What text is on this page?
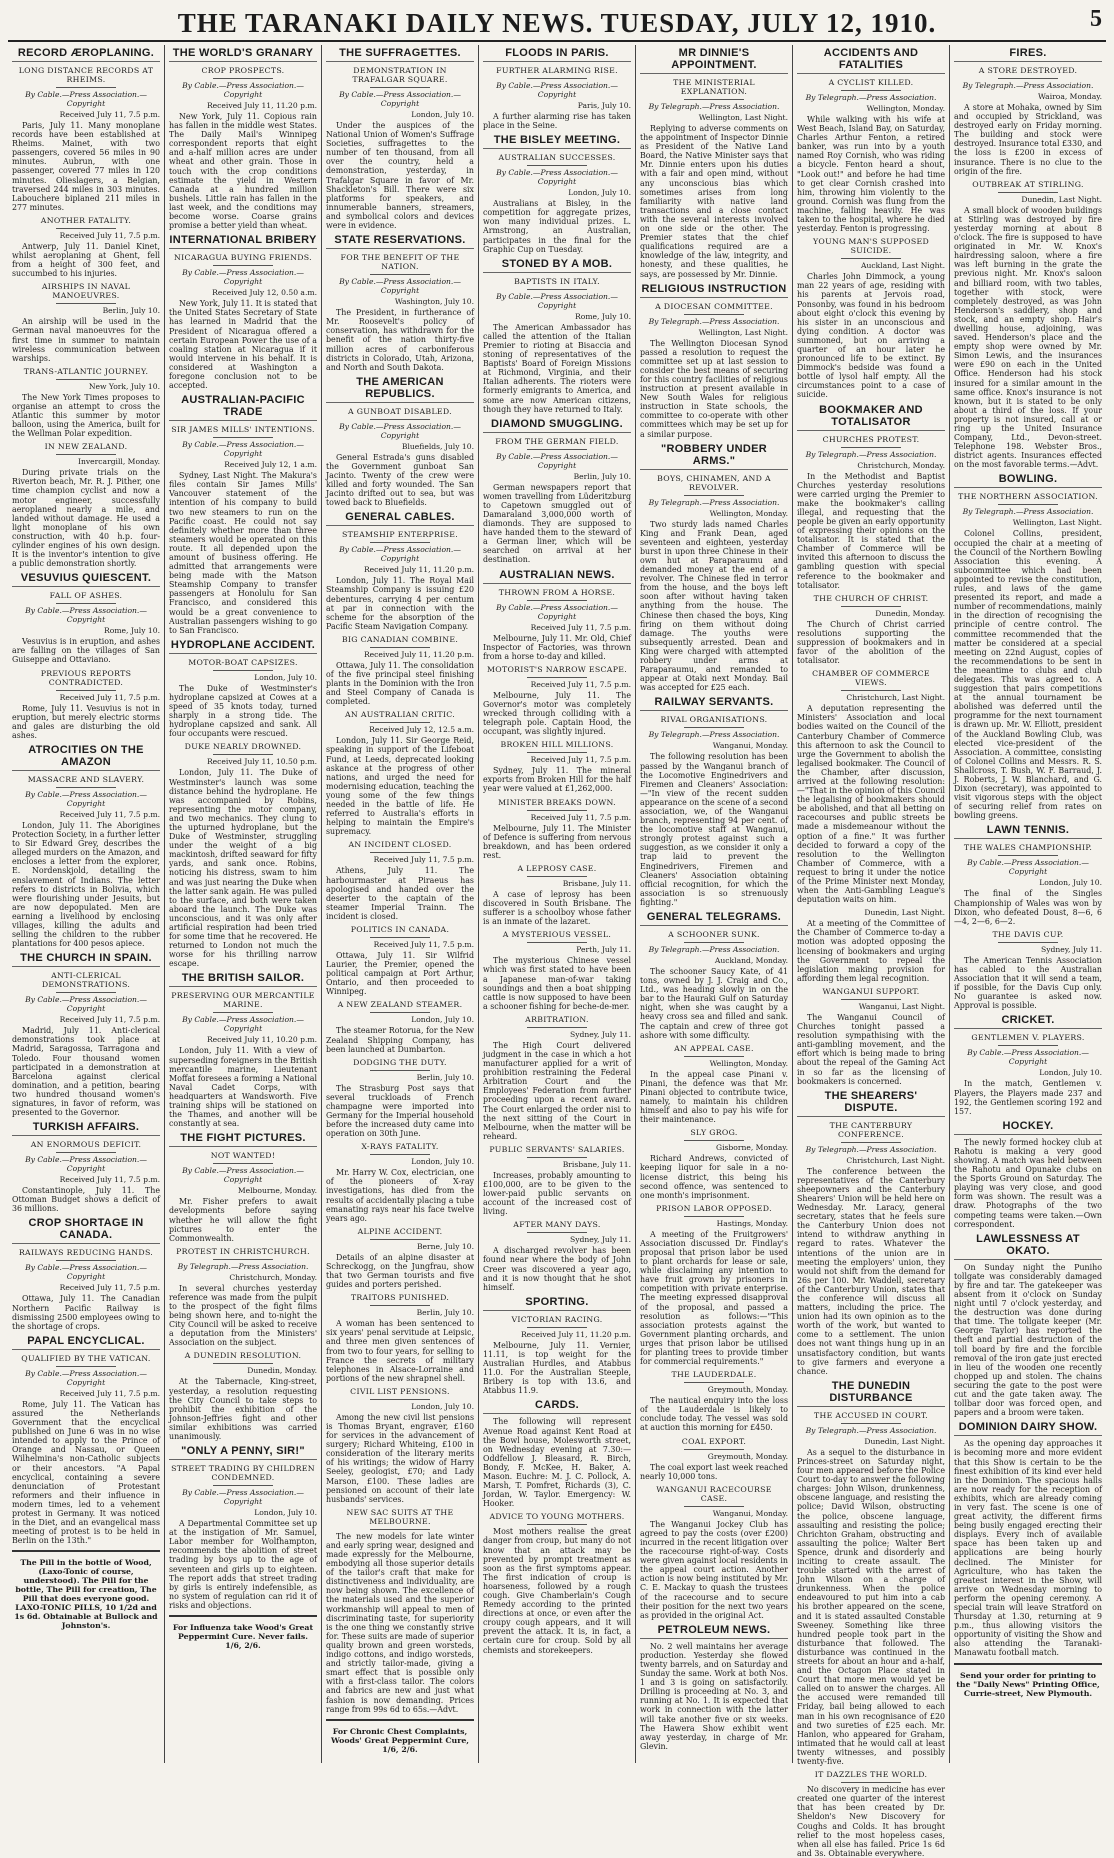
THE TARANAKI DAILY NEWS. TUESDAY, JULY 12, 1910.	5
RECORD ÆROPLANING.
LONG DISTANCE RECORDS AT RHEIMS.
By Cable.—Press Association.—Copyright
Received July 11, 7.5 p.m.
Paris, July 11. Many monoplane records have been established at Rheims. Mainet, with two passengers, covered 56 miles in 90 minutes. Aubrun, with one passenger, covered 77 miles in 120 minutes. Olieslagers, a Belgian, traversed 244 miles in 303 minutes. Labouchere biplaned 211 miles in 277 minutes.
ANOTHER FATALITY.
Received July 11, 7.5 p.m.
Antwerp, July 11. Daniel Kinet, whilst aeroplaning at Ghent, fell from a height of 300 feet, and succumbed to his injuries.
AIRSHIPS IN NAVAL MANOEUVRES.
Berlin, July 10.
An airship will be used in the German naval manoeuvres for the first time in summer to maintain wireless communication between warships.
TRANS-ATLANTIC JOURNEY.
New York, July 10.
The New York Times proposes to organise an attempt to cross the Atlantic this summer by motor balloon, using the America, built for the Wellman Polar expedition.
IN NEW ZEALAND.
Invercargill, Monday.
During private trials on the Riverton beach, Mr. R. J. Pither, one time champion cyclist and now a motor engineer, successfully aeroplaned nearly a mile, and landed without damage. He used a light monoplane of his own construction, with 40 h.p. four-cylinder engines of his own design. It is the inventor's intention to give a public demonstration shortly.
VESUVIUS QUIESCENT.
FALL OF ASHES.
By Cable.—Press Association.—Copyright
Rome, July 10.
Vesuvius is in eruption, and ashes are falling on the villages of San Guiseppe and Ottaviano.
PREVIOUS REPORTS CONTRADICTED.
Received July 11, 7.5 p.m.
Rome, July 11. Vesuvius is not in eruption, but merely electric storms and gales are disturbing the old ashes.
ATROCITIES ON THE AMAZON
MASSACRE AND SLAVERY.
By Cable.—Press Association.—Copyright
Received July 11, 7.5 p.m.
London, July 11. The Aborigines Protection Society, in a further letter to Sir Edward Grey, describes the alleged murders on the Amazon, and encloses a letter from the explorer, E. Nordenskjold, detailing the enslavement of Indians. The letter refers to districts in Bolivia, which were flourishing under Jesuits, but are now depopulated. Men are earning a livelihood by enclosing villages, killing the adults and selling the children to the rubber plantations for 400 pesos apiece.
THE CHURCH IN SPAIN.
ANTI-CLERICAL DEMONSTRATIONS.
By Cable.—Press Association.—Copyright
Received July 11, 7.5 p.m.
Madrid, July 11. Anti-clerical demonstrations took place at Madrid, Saragossa, Tarragona and Toledo. Four thousand women participated in a demonstration at Barcelona against clerical domination, and a petition, bearing two hundred thousand women's signatures, in favor of reform, was presented to the Governor.
TURKISH AFFAIRS.
AN ENORMOUS DEFICIT.
By Cable.—Press Association.—Copyright
Received July 11, 7.5 p.m.
Constantinople, July 11. The Ottoman Budget shows a deficit of 36 millions.
CROP SHORTAGE IN CANADA.
RAILWAYS REDUCING HANDS.
By Cable.—Press Association.—Copyright
Received July 11, 7.5 p.m.
Ottawa, July 11. The Canadian Northern Pacific Railway is dismissing 2500 employees owing to the shortage of crops.
PAPAL ENCYCLICAL.
QUALIFIED BY THE VATICAN.
By Cable.—Press Association.—Copyright
Received July 11, 7.5 p.m.
Rome, July 11. The Vatican has assured the Netherlands Government that the encyclical published on June 6 was in no wise intended to apply to the Prince of Orange and Nassau, or Queen Wilhelmina's non-Catholic subjects or their ancestors. "A Papal encyclical, containing a severe denunciation of Protestant reformers and their influence in modern times, led to a vehement protest in Germany. It was noticed in the Diet, and an evangelical mass meeting of protest is to be held in Berlin on the 13th."
The Pill in the bottle of Wood, (Laxo-Tonic of course, understood). The Pill for the bottle, The Pill for creation, The Pill that does everyone good. LAXO-TONIC PILLS, 10 1/2d and 1s 6d. Obtainable at Bullock and Johnston's.
THE WORLD'S GRANARY
CROP PROSPECTS.
By Cable.—Press Association.—Copyright
Received July 11, 11.20 p.m.
New York, July 11. Copious rain has fallen in the middle west States. The Daily Mail's Winnipeg correspondent reports that eight and a-half million acres are under wheat and other grain. Those in touch with the crop conditions estimate the yield in Western Canada at a hundred million bushels. Little rain has fallen in the last week, and the conditions may become worse. Coarse grains promise a better yield than wheat.
INTERNATIONAL BRIBERY
NICARAGUA BUYING FRIENDS.
By Cable.—Press Association.—Copyright
Received July 12, 0.50 a.m.
New York, July 11. It is stated that the United States Secretary of State has learned in Madrid that the President of Nicaragua offered a certain European Power the use of a coaling station at Nicaragua if it would intervene in his behalf. It is considered at Washington a foregone conclusion not to be accepted.
AUSTRALIAN-PACIFIC TRADE
SIR JAMES MILLS' INTENTIONS.
By Cable.—Press Association.—Copyright
Received July 12, 1 a.m.
Sydney, Last Night. The Makura's files contain Sir James Mills' Vancouver statement of the intention of his company to build two new steamers to run on the Pacific coast. He could not say definitely whether more than three steamers would be operated on this route. It all depended upon the amount of business offering. He admitted that arrangements were being made with the Matson Steamship Company to transfer passengers at Honolulu for San Francisco, and considered this would be a great convenience to Australian passengers wishing to go to San Francisco.
HYDROPLANE ACCIDENT.
MOTOR-BOAT CAPSIZES.
London, July 10.
The Duke of Westminster's hydroplane capsized at Cowes at a speed of 35 knots today, turned sharply in a strong tide. The hydroplane capsized and sank. All four occupants were rescued.
DUKE NEARLY DROWNED.
Received July 11, 10.50 p.m.
London, July 11. The Duke of Westminster's launch was some distance behind the hydroplane. He was accompanied by Robins, representing the motor company, and two mechanics. They clung to the upturned hydroplane, but the Duke of Westminster, struggling under the weight of a big mackintosh, drifted seaward for fifty yards, and sank once. Robins, noticing his distress, swam to him and was just nearing the Duke when the latter sank again. He was pulled to the surface, and both were taken aboard the launch. The Duke was unconscious, and it was only after artificial respiration had been tried for some time that he recovered. He returned to London not much the worse for his thrilling narrow escape.
THE BRITISH SAILOR.
PRESERVING OUR MERCANTILE MARINE.
By Cable.—Press Association.—Copyright
Received July 11, 10.20 p.m.
London, July 11. With a view of superseding foreigners in the British mercantile marine, Lieutenant Moffat foresees a forming a National Naval Cadet Corps, with headquarters at Wandsworth. Five training ships will be stationed on the Thames, and another will be constantly at sea.
THE FIGHT PICTURES.
NOT WANTED!
By Cable.—Press Association.—Copyright
Melbourne, Monday.
Mr. Fisher prefers to await developments before saying whether he will allow the fight pictures to enter the Commonwealth.
PROTEST IN CHRISTCHURCH.
By Telegraph.—Press Association.
Christchurch, Monday.
In several churches yesterday reference was made from the pulpit to the prospect of the fight films being shown here, and to-night the City Council will be asked to receive a deputation from the Ministers' Association on the subject.
A DUNEDIN RESOLUTION.
Dunedin, Monday.
At the Tabernacle, King-street, yesterday, a resolution requesting the City Council to take steps to prohibit the exhibition of the Johnson-Jeffries fight and other similar exhibitions was carried unanimously.
"ONLY A PENNY, SIR!"
STREET TRADING BY CHILDREN CONDEMNED.
By Cable.—Press Association.—Copyright
London, July 10.
A Departmental Committee set up at the instigation of Mr. Samuel, Labor member for Wolfhampton, recommends the abolition of street trading by boys up to the age of seventeen and girls up to eighteen. The report adds that street trading by girls is entirely indefensible, as no system of regulation can rid it of risks and objections.
For Influenza take Wood's Great Peppermint Cure. Never fails. 1/6, 2/6.
THE SUFFRAGETTES.
DEMONSTRATION IN TRAFALGAR SQUARE.
By Cable.—Press Association.—Copyright
London, July 10.
Under the auspices of the National Union of Women's Suffrage Societies, suffragettes to the number of ten thousand, from all over the country, held a demonstration, yesterday, in Trafalgar Square in favor of Mr. Shackleton's Bill. There were six platforms for speakers, and innumerable banners, streamers, and symbolical colors and devices were in evidence.
STATE RESERVATIONS.
FOR THE BENEFIT OF THE NATION.
By Cable.—Press Association.—Copyright
Washington, July 10.
The President, in furtherance of Mr. Roosevelt's policy of conservation, has withdrawn for the benefit of the nation thirty-five million acres of carboniferous districts in Colorado, Utah, Arizona, and North and South Dakota.
THE AMERICAN REPUBLICS.
A GUNBOAT DISABLED.
By Cable.—Press Association.—Copyright
Bluefields, July 10.
General Estrada's guns disabled the Government gunboat San Jacinto. Twenty of the crew were killed and forty wounded. The San Jacinto drifted out to sea, but was towed back to Bluefields.
GENERAL CABLES.
STEAMSHIP ENTERPRISE.
By Cable.—Press Association.—Copyright
Received July 11, 11.20 p.m.
London, July 11. The Royal Mail Steamship Company is issuing £20 debentures, carrying 4 per centum at par in connection with the scheme for the absorption of the Pacific Steam Navigation Company.
BIG CANADIAN COMBINE.
Received July 11, 11.20 p.m.
Ottawa, July 11. The consolidation of the five principal steel finishing plants in the Dominion with the Iron and Steel Company of Canada is completed.
AN AUSTRALIAN CRITIC.
Received July 12, 12.5 a.m.
London, July 11. Sir George Reid, speaking in support of the Lifeboat Fund, at Leeds, deprecated looking askance at the progress of other nations, and urged the need for modernising education, teaching the young some of the few things needed in the battle of life. He referred to Australia's efforts in helping to maintain the Empire's supremacy.
AN INCIDENT CLOSED.
Received July 11, 7.5 p.m.
Athens, July 11. The harbourmaster at Piraeus has apologised and handed over the deserter to the captain of the steamer Imperial Trainn. The incident is closed.
POLITICS IN CANADA.
Received July 11, 7.5 p.m.
Ottawa, July 11. Sir Wilfrid Laurier, the Premier, opened the political campaign at Port Arthur, Ontario, and then proceeded to Winnipeg.
A NEW ZEALAND STEAMER.
London, July 10.
The steamer Rotorua, for the New Zealand Shipping Company, has been launched at Dumbarton.
DODGING THE DUTY.
Berlin, July 10.
The Strasburg Post says that several truckloads of French champagne were imported into Germany for the Imperial household before the increased duty came into operation on 30th June.
X-RAYS FATALITY.
London, July 10.
Mr. Harry W. Cox, electrician, one of the pioneers of X-ray investigations, has died from the results of accidentally placing a tube emanating rays near his face twelve years ago.
ALPINE ACCIDENT.
Berne, July 10.
Details of an alpine disaster at Schreckogg, on the Jungfrau, show that two German tourists and five guides and porters perished.
TRAITORS PUNISHED.
Berlin, July 10.
A woman has been sentenced to six years' penal servitude at Leipsic, and three men given sentences of from two to four years, for selling to France the secrets of military telephones in Alsace-Lorraine and portions of the new shrapnel shell.
CIVIL LIST PENSIONS.
London, July 10.
Among the new civil list pensions is Thomas Bryant, engraver, £160 for services in the advancement of surgery; Richard Whiteing, £100 in consideration of the literary merits of his writings; the widow of Harry Seeley, geologist, £70; and Lady Marson, £100. These ladies are pensioned on account of their late husbands' services.
NEW SAC SUITS AT THE MELBOURNE.
The new models for late winter and early spring wear, designed and made expressly for the Melbourne, embodying all those superior details of the tailor's craft that make for distinctiveness and individuality, are now being shown. The excellence of the materials used and the superior workmanship will appeal to men of discriminating taste, for superiority is the one thing we constantly strive for. These suits are made of superior quality brown and green worsteds, indigo cottons, and indigo worsteds, and strictly tailor-made, giving a smart effect that is possible only with a first-class tailor. The colors and fabrics are new and just what fashion is now demanding. Prices range from 99s 6d to 65s.—Advt.
For Chronic Chest Complaints, Woods' Great Peppermint Cure, 1/6, 2/6.
FLOODS IN PARIS.
FURTHER ALARMING RISE.
By Cable.—Press Association.—Copyright
Paris, July 10.
A further alarming rise has taken place in the Seine.
THE BISLEY MEETING.
AUSTRALIAN SUCCESSES.
By Cable.—Press Association.—Copyright
London, July 10.
Australians at Bisley, in the competition for aggregate prizes, won many individual prizes. L. Armstrong, an Australian, participates in the final for the Graphic Cup on Tuesday.
STONED BY A MOB.
BAPTISTS IN ITALY.
By Cable.—Press Association.—Copyright
Rome, July 10.
The American Ambassador has called the attention of the Italian Premier to rioting at Bisaccia and stoning of representatives of the Baptists' Board of Foreign Missions at Richmond, Virginia, and their Italian adherents. The rioters were formerly emigrants to America, and some are now American citizens, though they have returned to Italy.
DIAMOND SMUGGLING.
FROM THE GERMAN FIELD.
By Cable.—Press Association.—Copyright
Berlin, July 10.
German newspapers report that women travelling from Lüderitzburg to Capetown smuggled out of Damaraland 3,000,000 worth of diamonds. They are supposed to have handed them to the steward of a German liner, which will be searched on arrival at her destination.
AUSTRALIAN NEWS.
THROWN FROM A HORSE.
By Cable.—Press Association.—Copyright
Received July 11, 7.5 p.m.
Melbourne, July 11. Mr. Old, Chief Inspector of Factories, was thrown from a horse to-day and killed.
MOTORIST'S NARROW ESCAPE.
Received July 11, 7.5 p.m.
Melbourne, July 11. The Governor's motor was completely wrecked through colliding with a telegraph pole. Captain Hood, the occupant, was slightly injured.
BROKEN HILL MILLIONS.
Received July 11, 7.5 p.m.
Sydney, July 11. The mineral exports from Broken Hill for the half year were valued at £1,262,000.
MINISTER BREAKS DOWN.
Received July 11, 7.5 p.m.
Melbourne, July 11. The Minister of Defence is suffering from nervous breakdown, and has been ordered rest.
A LEPROSY CASE.
Brisbane, July 11.
A case of leprosy has been discovered in South Brisbane. The sufferer is a schoolboy whose father is an inmate of the lazaret.
A MYSTERIOUS VESSEL.
Perth, July 11.
The mysterious Chinese vessel which was first stated to have been a Japanese man-of-war taking soundings and then a boat shipping cattle is now supposed to have been a schooner fishing for beche-de-mer.
ARBITRATION.
Sydney, July 11.
The High Court delivered judgment in the case in which a hot manufacturer applied for a writ of prohibition restraining the Federal Arbitration Court and the Employees' Federation from further proceeding upon a recent award. The Court enlarged the order nisi to the next sitting of the Court in Melbourne, when the matter will be reheard.
PUBLIC SERVANTS' SALARIES.
Brisbane, July 11.
Increases, probably amounting to £100,000, are to be given to the lower-paid public servants on account of the increased cost of living.
AFTER MANY DAYS.
Sydney, July 11.
A discharged revolver has been found near where the body of John Creer was discovered a year ago, and it is now thought that he shot himself.
SPORTING.
VICTORIAN RACING.
Received July 11, 11.20 p.m.
Melbourne, July 11. Vernier, 11.11, is top weight for the Australian Hurdles, and Atabbus 11.0. For the Australian Steeple, Bribery is top with 13.6, and Atabbus 11.9.
CARDS.
The following will represent Avenue Road against Kent Road at the Bowl house, Molesworth street, on Wednesday evening at 7.30:—Oddfellow J. Bleasard, R. Birch, Bondy, F. McKee, H. Baker, A. Mason. Euchre: M. J. C. Pollock, A. Marsh, T. Pomfret, Richards (3), C. Jordan, W. Taylor. Emergency: W. Hooker.
ADVICE TO YOUNG MOTHERS.
Most mothers realise the great danger from croup, but many do not know that an attack may be prevented by prompt treatment as soon as the first symptoms appear. The first indication of croup is hoarseness, followed by a rough cough. Give Chamberlain's Cough Remedy according to the printed directions at once, or even after the croupy cough appears, and it will prevent the attack. It is, in fact, a certain cure for croup. Sold by all chemists and storekeepers.
MR DINNIE'S APPOINTMENT.
THE MINISTERIAL EXPLANATION.
By Telegraph.—Press Association.
Wellington, Last Night.
Replying to adverse comments on the appointment of Inspector Dinnie as President of the Native Land Board, the Native Minister says that Mr. Dinnie enters upon his duties with a fair and open mind, without any unconscious bias which sometimes arises from long familiarity with native land transactions and a close contact with the several interests involved on one side or the other. The Premier states that the chief qualifications required are a knowledge of the law, integrity, and honesty, and these qualities, he says, are possessed by Mr. Dinnie.
RELIGIOUS INSTRUCTION
A DIOCESAN COMMITTEE.
By Telegraph.—Press Association.
Wellington, Last Night.
The Wellington Diocesan Synod passed a resolution to request the committee set up at last session to consider the best means of securing for this country facilities of religious instruction at present available in New South Wales for religious instruction in State schools, the committee to co-operate with other committees which may be set up for a similar purpose.
"ROBBERY UNDER ARMS."
BOYS, CHINAMEN, AND A REVOLVER.
By Telegraph.—Press Association.
Wellington, Monday.
Two sturdy lads named Charles King and Frank Dean, aged seventeen and eighteen, yesterday burst in upon three Chinese in their own hut at Paraparaumu and demanded money at the end of a revolver. The Chinese fled in terror from the house, and the boys left soon after without having taken anything from the house. The Chinese then chased the boys, King firing on them without doing damage. The youths were subsequently arrested. Dean and King were charged with attempted robbery under arms at Paraparaumu, and remanded to appear at Otaki next Monday. Bail was accepted for £25 each.
RAILWAY SERVANTS.
RIVAL ORGANISATIONS.
By Telegraph.—Press Association.
Wanganui, Monday.
The following resolution has been passed by the Wanganui branch of the Locomotive Enginedrivers and Firemen and Cleaners' Association:—"In view of the recent sudden appearance on the scene of a second association, we, of the Wanganui branch, representing 94 per cent. of the locomotive staff at Wanganui, strongly protest against such a suggestion, as we consider it only a trap laid to prevent the Enginedrivers, Firemen and Cleaners' Association obtaining official recognition, for which the association is so strenuously fighting."
GENERAL TELEGRAMS.
A SCHOONER SUNK.
By Telegraph.—Press Association.
Auckland, Monday.
The schooner Saucy Kate, of 41 tons, owned by J. J. Craig and Co., Ltd., was heading slowly in on the bar to the Hauraki Gulf on Saturday night, when she was caught by a heavy cross sea and filled and sank. The captain and crew of three got ashore with some difficulty.
AN APPEAL CASE.
Wellington, Monday.
In the appeal case Pinani v. Pinani, the defence was that Mr. Pinani objected to contribute twice, namely, to maintain his children himself and also to pay his wife for their maintenance.
SLY GROG.
Gisborne, Monday.
Richard Andrews, convicted of keeping liquor for sale in a no-license district, this being his second offence, was sentenced to one month's imprisonment.
PRISON LABOR OPPOSED.
Hastings, Monday.
A meeting of the Fruitgrowers' Association discussed Dr. Findlay's proposal that prison labor be used to plant orchards for lease or sale, while disclaiming any intention to have fruit grown by prisoners in competition with private enterprise. The meeting expressed disapproval of the proposal, and passed a resolution as follows:—"This association protests against the Government planting orchards, and urges that prison labor be utilised for planting trees to provide timber for commercial requirements."
THE LAUDERDALE.
Greymouth, Monday.
The nautical enquiry into the loss of the Lauderdale is likely to conclude today. The vessel was sold at auction this morning for £450.
COAL EXPORT.
Greymouth, Monday.
The coal export last week reached nearly 10,000 tons.
WANGANUI RACECOURSE CASE.
Wanganui, Monday.
The Wanganui Jockey Club has agreed to pay the costs (over £200) incurred in the recent litigation over the racecourse right-of-way. Costs were given against local residents in the appeal court action. Another action is now being instituted by Mr. C. E. Mackay to quash the trustees of the racecourse and to secure their position for the next two years as provided in the original Act.
PETROLEUM NEWS.
No. 2 well maintains her average production. Yesterday she flowed twenty barrels, and on Saturday and Sunday the same. Work at both Nos. 1 and 3 is going on satisfactorily. Drilling is proceeding at No. 3, and running at No. 1. It is expected that work in connection with the latter will take another five or six weeks. The Hawera Show exhibit went away yesterday, in charge of Mr. Glevin.
ACCIDENTS AND FATALITIES
A CYCLIST KILLED.
By Telegraph.—Press Association.
Wellington, Monday.
While walking with his wife at West Beach, Island Bay, on Saturday, Charles Arthur Fenton, a retired banker, was run into by a youth named Roy Cornish, who was riding a bicycle. Fenton heard a shout, "Look out!" and before he had time to get clear Cornish crashed into him, throwing him violently to the ground. Cornish was flung from the machine, falling heavily. He was taken to the hospital, where he died yesterday. Fenton is progressing.
YOUNG MAN'S SUPPOSED SUICIDE.
Auckland, Last Night.
Charles John Dimmock, a young man 22 years of age, residing with his parents at Jervois road, Ponsonby, was found in his bedroom about eight o'clock this evening by his sister in an unconscious and dying condition. A doctor was summoned, but on arriving a quarter of an hour later he pronounced life to be extinct. By Dimmock's bedside was found a bottle of lysol half empty. All the circumstances point to a case of suicide.
BOOKMAKER AND TOTALISATOR
CHURCHES PROTEST.
By Telegraph.—Press Association.
Christchurch, Monday.
In the Methodist and Baptist Churches yesterday resolutions were carried urging the Premier to make the bookmaker's calling illegal, and requesting that the people be given an early opportunity of expressing their opinions on the totalisator. It is stated that the Chamber of Commerce will be invited this afternoon to discuss the gambling question with special reference to the bookmaker and totalisator.
THE CHURCH OF CHRIST.
Dunedin, Monday.
The Church of Christ carried resolutions supporting the suppression of bookmakers and in favor of the abolition of the totalisator.
CHAMBER OF COMMERCE VIEWS.
Christchurch, Last Night.
A deputation representing the Ministers' Association and local bodies waited on the Council of the Canterbury Chamber of Commerce this afternoon to ask the Council to urge the Government to abolish the legalised bookmaker. The Council of the Chamber, after discussion, arrived at the following resolution:—"That in the opinion of this Council the legalising of bookmakers should be abolished, and that all betting on racecourses and public streets be made a misdemeanour without the option of a fine." It was further decided to forward a copy of the resolution to the Wellington Chamber of Commerce, with a request to bring it under the notice of the Prime Minister next Monday, when the Anti-Gambling League's deputation waits on him.
Dunedin, Last Night.
At a meeting of the Committee of the Chamber of Commerce to-day a motion was adopted opposing the licensing of bookmakers and urging the Government to repeal the legislation making provision for affording them legal recognition.
WANGANUI SUPPORT.
Wanganui, Last Night.
The Wanganui Council of Churches tonight passed a resolution sympathising with the anti-gambling movement, and the effort which is being made to bring about the repeal of the Gaming Act in so far as the licensing of bookmakers is concerned.
THE SHEARERS' DISPUTE.
THE CANTERBURY CONFERENCE.
By Telegraph.—Press Association.
Christchurch, Last Night.
The conference between the representatives of the Canterbury sheepowners and the Canterbury Shearers' Union will be held here on Wednesday. Mr. Laracy, general secretary, states that he feels sure the Canterbury Union does not intend to withdraw anything in regard to rates. Whatever the intentions of the union are in meeting the employers' union, they would not shift from the demand for 26s per 100. Mr. Waddell, secretary of the Canterbury Union, states that the conference will discuss all matters, including the price. The union had its own opinion as to the worth of the work, but wanted to come to a settlement. The union does not want things hung up in an unsatisfactory condition, but wants to give farmers and everyone a chance.
THE DUNEDIN DISTURBANCE
THE ACCUSED IN COURT.
By Telegraph.—Press Association.
Dunedin, Last Night.
As a sequel to the disturbance in Princes-street on Saturday night, four men appeared before the Police Court to-day to answer the following charges: John Wilson, drunkenness, obscene language, and resisting the police; David Wilson, obstructing the police, obscene language, assaulting and resisting the police; Chrichton Graham, obstructing and assaulting the police; Walter Bert Spence, drunk and disorderly and inciting to create assault. The trouble started with the arrest of John Wilson on a charge of drunkenness. When the police endeavoured to put him into a cab his brother appeared on the scene, and it is stated assaulted Constable Sweeney. Something like three hundred people took part in the disturbance that followed. The disturbance was continued in the streets for about an hour and a-half, and the Octagon Place stated in Court that more men would yet be called on to answer the charges. All the accused were remanded till Friday, bail being allowed to each man in his own recognisance of £20 and two sureties of £25 each. Mr. Hanlon, who appeared for Graham, intimated that he would call at least twenty witnesses, and possibly twenty-five.
IT DAZZLES THE WORLD.
No discovery in medicine has ever created one quarter of the interest that has been created by Dr. Sheldon's New Discovery for Coughs and Colds. It has brought relief to the most hopeless cases, when all else has failed. Price 1s 6d and 3s. Obtainable everywhere.
FIRES.
A STORE DESTROYED.
By Telegraph.—Press Association.
Wairoa, Monday.
A store at Mohaka, owned by Sim and occupied by Strickland, was destroyed early on Friday morning. The building and stock were destroyed. Insurance total £330, and the loss is £200 in excess of insurance. There is no clue to the origin of the fire.
OUTBREAK AT STIRLING.
Dunedin, Last Night.
A small block of wooden buildings at Stirling was destroyed by fire yesterday morning at about 8 o'clock. The fire is supposed to have originated in Mr. W. Knox's hairdressing saloon, where a fire was left burning in the grate the previous night. Mr. Knox's saloon and billiard room, with two tables, together with stock, were completely destroyed, as was John Henderson's saddlery, shop and stock, and an empty shop. Hair's dwelling house, adjoining, was saved. Henderson's place and the empty shop were owned by Mr. Simon Lewis, and the insurances were £90 on each in the United Office. Henderson had his stock insured for a similar amount in the same office. Knox's insurance is not known, but it is stated to be only about a third of the loss. If your property is not insured, call at or ring up the United Insurance Company, Ltd., Devon-street. Telephone 198. Webster Bros., district agents. Insurances effected on the most favorable terms.—Advt.
BOWLING.
THE NORTHERN ASSOCIATION.
By Telegraph.—Press Association.
Wellington, Last Night.
Colonel Collins, president, occupied the chair at a meeting of the Council of the Northern Bowling Association this evening. A subcommittee which had been appointed to revise the constitution, rules, and laws of the game presented its report, and made a number of recommendations, mainly in the direction of recognising the principle of centre control. The committee recommended that the matter be considered at a special meeting on 22nd August, copies of the recommendations to be sent in the meantime to clubs and club delegates. This was agreed to. A suggestion that pairs competitions at the annual tournament be abolished was deferred until the programme for the next tournament is drawn up. Mr. W. Elliott, president of the Auckland Bowling Club, was elected vice-president of the Association. A committee, consisting of Colonel Collins and Messrs. R. S. Shallcross, T. Bush, W. F. Barraud, J. J. Roberts, J. W. Blanchard, and G. Dixon (secretary), was appointed to visit vigorous steps with the object of securing relief from rates on bowling greens.
LAWN TENNIS.
THE WALES CHAMPIONSHIP.
By Cable.—Press Association.—Copyright
London, July 10.
The final of the Singles Championship of Wales was won by Dixon, who defeated Doust, 8—6, 6—4, 2—6, 6—2.
THE DAVIS CUP.
Sydney, July 11.
The American Tennis Association has cabled to the Australian Association that it will send a team, if possible, for the Davis Cup only. No guarantee is asked now. Approval is possible.
CRICKET.
GENTLEMEN V. PLAYERS.
By Cable.—Press Association.—Copyright
London, July 10.
In the match, Gentlemen v. Players, the Players made 237 and 192, the Gentlemen scoring 192 and 157.
HOCKEY.
The newly formed hockey club at Rahotu is making a very good showing. A match was held between the Rahotu and Opunake clubs on the Sports Ground on Saturday. The playing was very close, and good form was shown. The result was a draw. Photographs of the two competing teams were taken.—Own correspondent.
LAWLESSNESS AT OKATO.
On Sunday night the Puniho tollgate was considerably damaged by fire and tar. The gatekeeper was absent from it o'clock on Sunday night until 7 o'clock yesterday, and the destruction was done during that time. The tollgate keeper (Mr. George Taylor) has reported the theft and partial destruction of the toll board by fire and the forcible removal of the iron gate just erected in lieu of the wooden one recently chopped up and stolen. The chains securing the gate to the post were cut and the gate taken away. The tollbar door was forced open, and papers and a broom were taken.
DOMINION DAIRY SHOW.
As the opening day approaches it is becoming more and more evident that this Show is certain to be the finest exhibition of its kind ever held in the Dominion. The spacious halls are now ready for the reception of exhibits, which are already coming in very fast. The scene is one of great activity, the different firms being busily engaged erecting their displays. Every inch of available space has been taken up and applications are being hourly declined. The Minister for Agriculture, who has taken the greatest interest in the Show, will arrive on Wednesday morning to perform the opening ceremony. A special train will leave Stratford on Thursday at 1.30, returning at 9 p.m., thus allowing visitors the opportunity of visiting the Show and also attending the Taranaki-Manawatu football match.
Send your order for printing to the "Daily News" Printing Office, Currie-street, New Plymouth.
